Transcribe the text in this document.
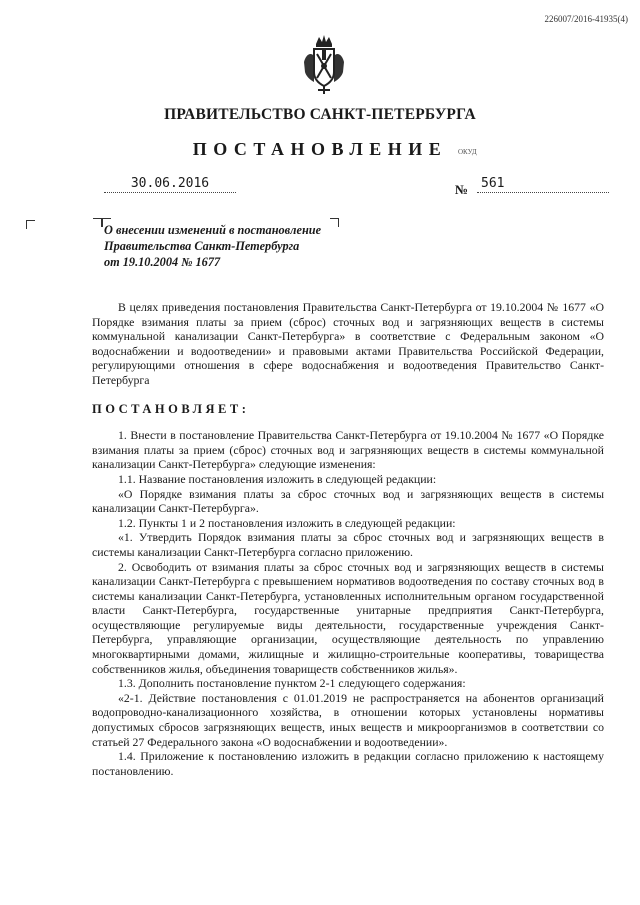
226007/2016-41935(4)
ПРАВИТЕЛЬСТВО САНКТ-ПЕТЕРБУРГА
ПОСТАНОВЛЕНИЕ	ОКУД
30.06.2016	№ 561
О внесении изменений в постановление
Правительства Санкт-Петербурга
от 19.10.2004 № 1677

В целях приведения постановления Правительства Санкт-Петербурга от 19.10.2004 № 1677 «О Порядке взимания платы за прием (сброс) сточных вод и загрязняющих веществ в системы коммунальной канализации Санкт-Петербурга» в соответствие с Федеральным законом «О водоснабжении и водоотведении» и правовыми актами Правительства Российской Федерации, регулирующими отношения в сфере водоснабжения и водоотведения Правительство Санкт-Петербурга

ПОСТАНОВЛЯЕТ:

1. Внести в постановление Правительства Санкт-Петербурга от 19.10.2004 № 1677 «О Порядке взимания платы за прием (сброс) сточных вод и загрязняющих веществ в системы коммунальной канализации Санкт-Петербурга» следующие изменения:

1.1. Название постановления изложить в следующей редакции:

«О Порядке взимания платы за сброс сточных вод и загрязняющих веществ в системы канализации Санкт-Петербурга».

1.2. Пункты 1 и 2 постановления изложить в следующей редакции:

«1. Утвердить Порядок взимания платы за сброс сточных вод и загрязняющих веществ в системы канализации Санкт-Петербурга согласно приложению.

2. Освободить от взимания платы за сброс сточных вод и загрязняющих веществ в системы канализации Санкт-Петербурга с превышением нормативов водоотведения по составу сточных вод в системы канализации Санкт-Петербурга, установленных исполнительным органом государственной власти Санкт-Петербурга, государственные унитарные предприятия Санкт-Петербурга, осуществляющие регулируемые виды деятельности, государственные учреждения Санкт-Петербурга, управляющие организации, осуществляющие деятельность по управлению многоквартирными домами, жилищные и жилищно-строительные кооперативы, товарищества собственников жилья, объединения товариществ собственников жилья».

1.3. Дополнить постановление пунктом 2-1 следующего содержания:

«2-1. Действие постановления с 01.01.2019 не распространяется на абонентов организаций водопроводно-канализационного хозяйства, в отношении которых установлены нормативы допустимых сбросов загрязняющих веществ, иных веществ и микроорганизмов в соответствии со статьей 27 Федерального закона «О водоснабжении и водоотведении».

1.4. Приложение к постановлению изложить в редакции согласно приложению к настоящему постановлению.
